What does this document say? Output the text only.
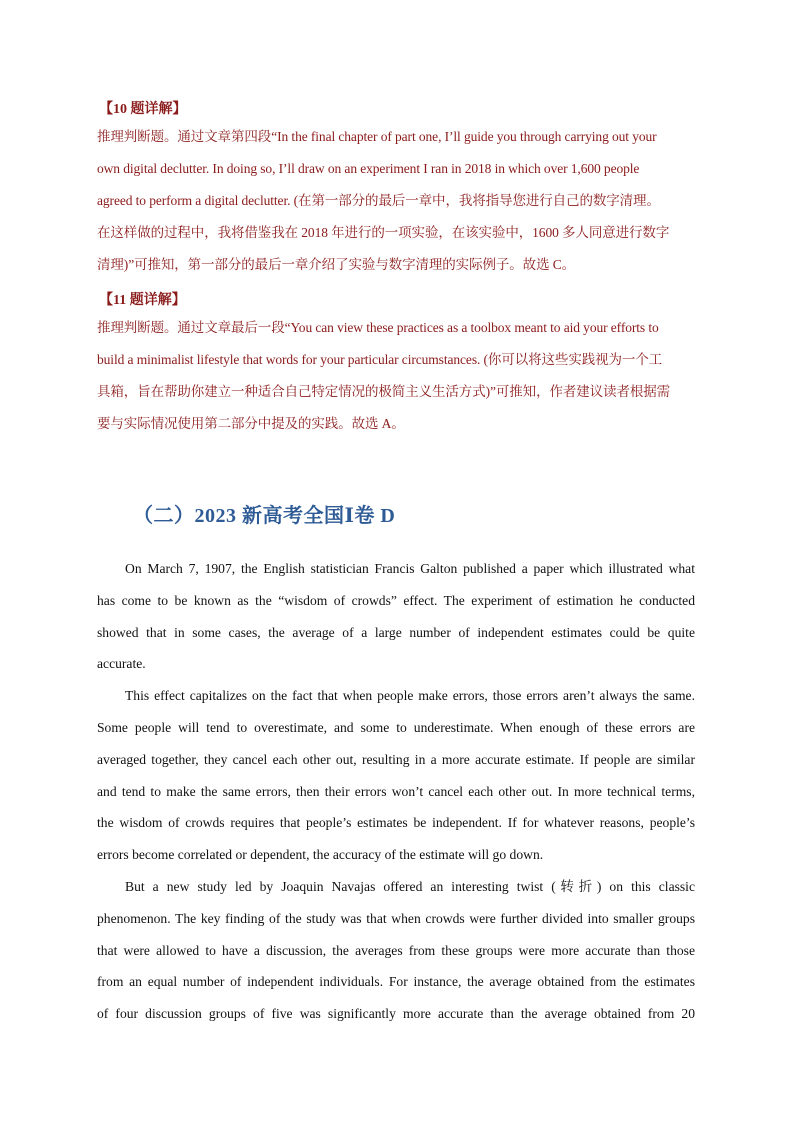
【10 题详解】
推理判断题。通过文章第四段“In the final chapter of part one, I’ll guide you through carrying out your
own digital declutter. In doing so, I’ll draw on an experiment I ran in 2018 in which over 1,600 people
agreed to perform a digital declutter. (在第一部分的最后一章中，我将指导您进行自己的数字清理。
在这样做的过程中，我将借鉴我在 2018 年进行的一项实验，在该实验中，1600 多人同意进行数字
清理)”可推知，第一部分的最后一章介绍了实验与数字清理的实际例子。故选 C。
【11 题详解】
推理判断题。通过文章最后一段“You can view these practices as a toolbox meant to aid your efforts to
build a minimalist lifestyle that words for your particular circumstances. (你可以将这些实践视为一个工
具箱，旨在帮助你建立一种适合自己特定情况的极简主义生活方式)”可推知，作者建议读者根据需
要与实际情况使用第二部分中提及的实践。故选 A。
（二）2023 新高考全国Ⅰ卷 D
On March 7, 1907, the English statistician Francis Galton published a paper which illustrated what
has come to be known as the “wisdom of crowds” effect. The experiment of estimation he conducted
showed that in some cases, the average of a large number of independent estimates could be quite
accurate.
This effect capitalizes on the fact that when people make errors, those errors aren’t always the same.
Some people will tend to overestimate, and some to underestimate. When enough of these errors are
averaged together, they cancel each other out, resulting in a more accurate estimate. If people are similar
and tend to make the same errors, then their errors won’t cancel each other out. In more technical terms,
the wisdom of crowds requires that people’s estimates be independent. If for whatever reasons, people’s
errors become correlated or dependent, the accuracy of the estimate will go down.
But a new study led by Joaquin Navajas offered an interesting twist (转折) on this classic
phenomenon. The key finding of the study was that when crowds were further divided into smaller groups
that were allowed to have a discussion, the averages from these groups were more accurate than those
from an equal number of independent individuals. For instance, the average obtained from the estimates
of four discussion groups of five was significantly more accurate than the average obtained from 20
